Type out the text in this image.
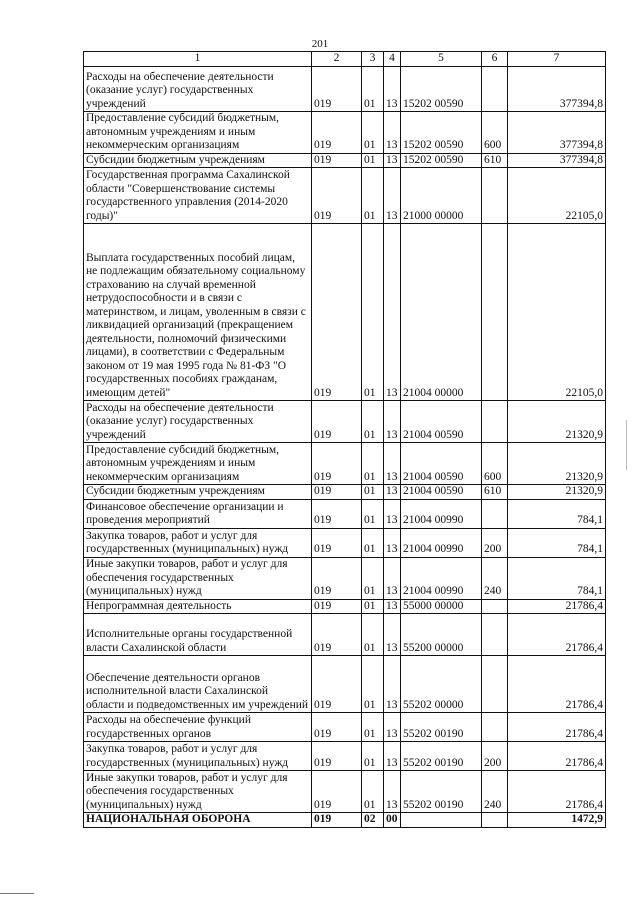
201
1	2	3	4	5	6	7
Расходы на обеспечение деятельности (оказание услуг) государственных учреждений	019	01	13	15202 00590		377394,8
Предоставление субсидий бюджетным, автономным учреждениям и иным некоммерческим организациям	019	01	13	15202 00590	600	377394,8
Субсидии бюджетным учреждениям	019	01	13	15202 00590	610	377394,8
Государственная программа Сахалинской области "Совершенствование системы государственного управления (2014-2020 годы)"	019	01	13	21000 00000		22105,0
Выплата государственных пособий лицам, не подлежащим обязательному социальному страхованию на случай временной нетрудоспособности и в связи с материнством, и лицам, уволенным в связи с ликвидацией организаций (прекращением деятельности, полномочий физическими лицами), в соответствии с Федеральным законом от 19 мая 1995 года № 81-ФЗ "О государственных пособиях гражданам, имеющим детей"	019	01	13	21004 00000		22105,0
Расходы на обеспечение деятельности (оказание услуг) государственных учреждений	019	01	13	21004 00590		21320,9
Предоставление субсидий бюджетным, автономным учреждениям и иным некоммерческим организациям	019	01	13	21004 00590	600	21320,9
Субсидии бюджетным учреждениям	019	01	13	21004 00590	610	21320,9
Финансовое обеспечение организации и проведения мероприятий	019	01	13	21004 00990		784,1
Закупка товаров, работ и услуг для государственных (муниципальных) нужд	019	01	13	21004 00990	200	784,1
Иные закупки товаров, работ и услуг для обеспечения государственных (муниципальных) нужд	019	01	13	21004 00990	240	784,1
Непрограммная деятельность	019	01	13	55000 00000		21786,4
Исполнительные органы государственной власти Сахалинской области	019	01	13	55200 00000		21786,4
Обеспечение деятельности органов исполнительной власти Сахалинской области и подведомственных им учреждений	019	01	13	55202 00000		21786,4
Расходы на обеспечение функций государственных органов	019	01	13	55202 00190		21786,4
Закупка товаров, работ и услуг для государственных (муниципальных) нужд	019	01	13	55202 00190	200	21786,4
Иные закупки товаров, работ и услуг для обеспечения государственных (муниципальных) нужд	019	01	13	55202 00190	240	21786,4
НАЦИОНАЛЬНАЯ ОБОРОНА	019	02	00			1472,9
